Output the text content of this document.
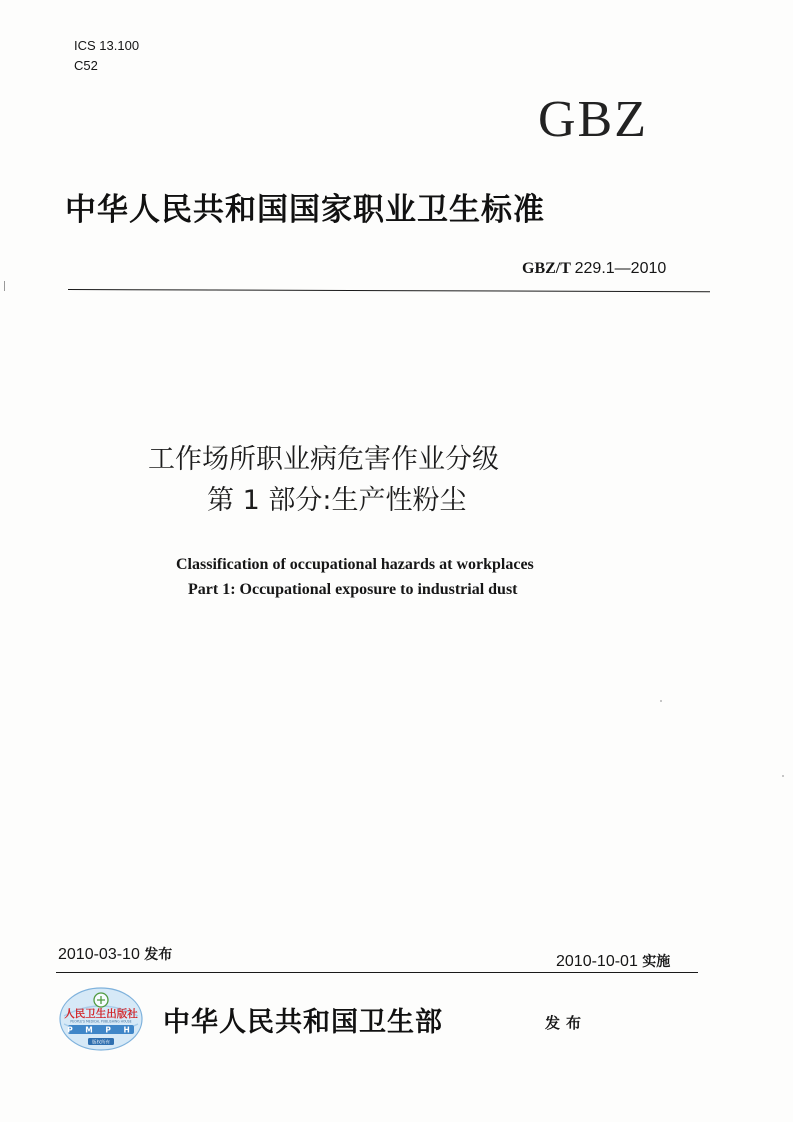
ICS 13.100
C52
GBZ
中华人民共和国国家职业卫生标准
GBZ/T 229.1—2010
工作场所职业病危害作业分级
第 1 部分:生产性粉尘
Classification of occupational hazards at workplaces
Part 1: Occupational exposure to industrial dust
2010-03-10 发布	2010-10-01 实施
人民卫生出版社
PEOPLE'S MEDICAL PUBLISHING HOUSE
P M P H
版权所有
中华人民共和国卫生部	发布
